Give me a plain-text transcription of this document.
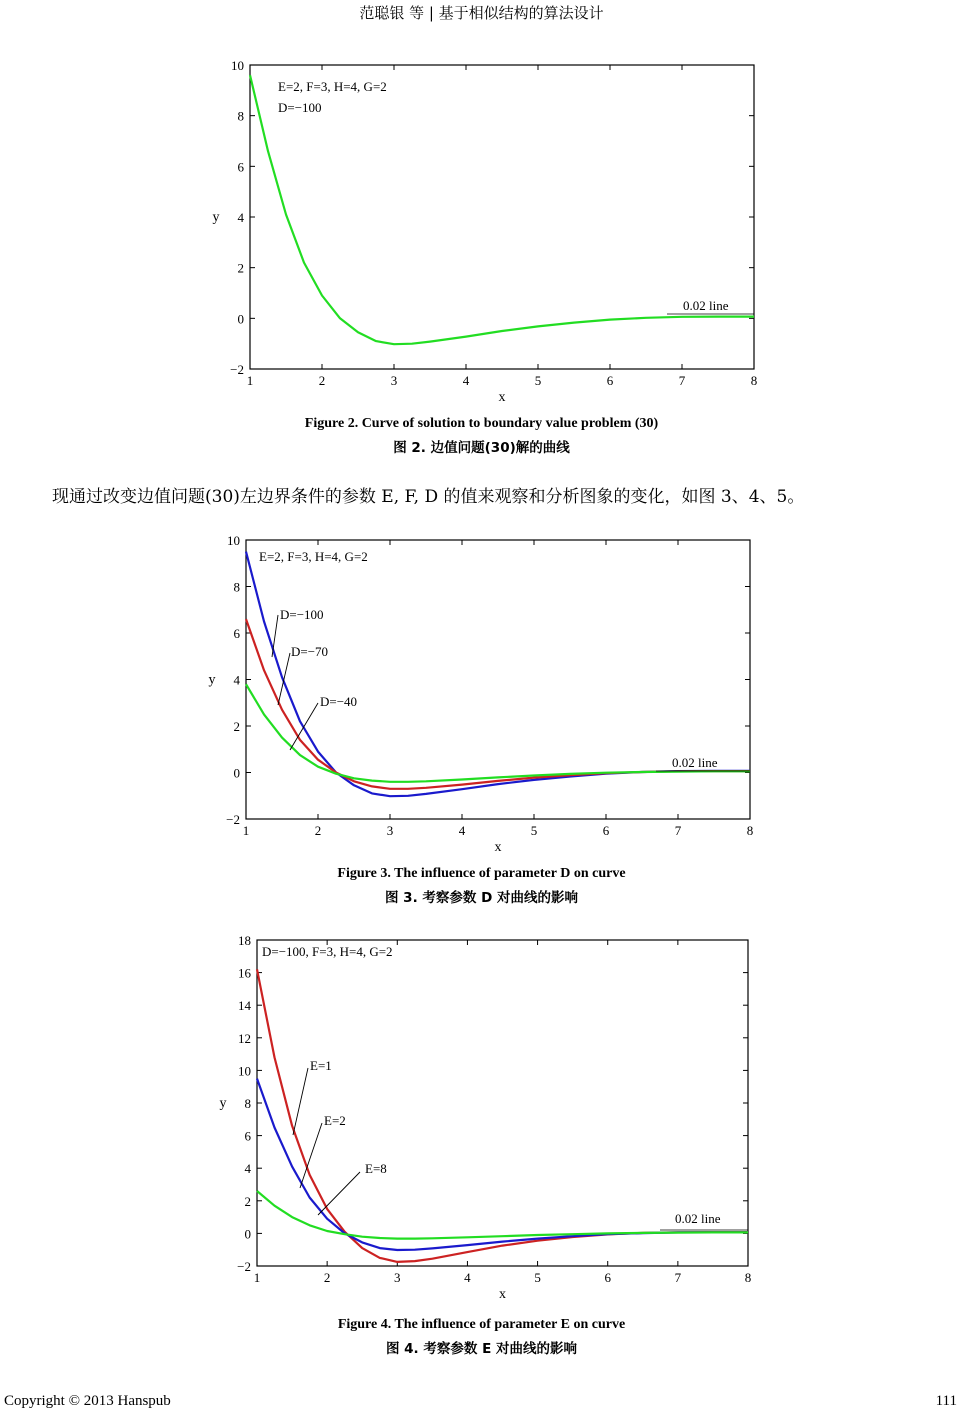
范聪银 等 | 基于相似结构的算法设计
1	2	3	4	5	6	7	8
10
8
6
4
2
0
−2
x
y
E=2, F=3, H=4, G=2
D=−100
0.02 line
Figure 2. Curve of solution to boundary value problem (30)
图 2. 边值问题(30)解的曲线
现通过改变边值问题(30)左边界条件的参数 E, F, D 的值来观察和分析图象的变化，如图 3、4、5。
1	2	3	4	5	6	7	8
10
8
6
4
2
0
−2
x
y
E=2, F=3, H=4, G=2
0.02 line
D=−100
D=−70
D=−40
Figure 3. The influence of parameter D on curve
图 3. 考察参数 D 对曲线的影响
1	2	3	4	5	6	7	8
18
16
14
12
10
8
6
4
2
0
−2
x
y
D=−100, F=3, H=4, G=2
0.02 line
E=1
E=2
E=8
Figure 4. The influence of parameter E on curve
图 4. 考察参数 E 对曲线的影响
Copyright © 2013 Hanspub	111
